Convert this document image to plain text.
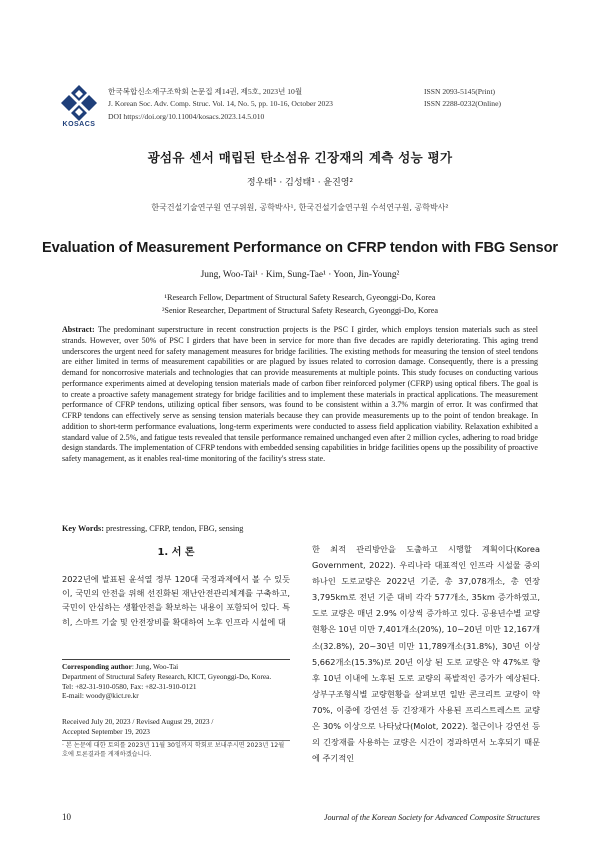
KOSACS
한국복합신소재구조학회 논문집 제14권, 제5호, 2023년 10월
J. Korean Soc. Adv. Comp. Struc. Vol. 14, No. 5, pp. 10-16, October 2023
DOI https://doi.org/10.11004/kosacs.2023.14.5.010
ISSN 2093-5145(Print)
ISSN 2288-0232(Online)
광섬유 센서 매립된 탄소섬유 긴장재의 계측 성능 평가
정우태¹ · 김성태¹ · 윤진영²
한국건설기술연구원 연구위원, 공학박사¹, 한국건설기술연구원 수석연구원, 공학박사²
Evaluation of Measurement Performance on CFRP tendon with FBG Sensor
Jung, Woo-Tai¹ · Kim, Sung-Tae¹ · Yoon, Jin-Young²
¹Research Fellow, Department of Structural Safety Research, Gyeonggi-Do, Korea
²Senior Researcher, Department of Structural Safety Research, Gyeonggi-Do, Korea
Abstract: The predominant superstructure in recent construction projects is the PSC I girder, which employs tension materials such as steel strands. However, over 50% of PSC I girders that have been in service for more than five decades are rapidly deteriorating. This aging trend underscores the urgent need for safety management measures for bridge facilities. The existing methods for measuring the tension of steel tendons are either limited in terms of measurement capabilities or are plagued by issues related to corrosion damage. Consequently, there is a pressing demand for noncorrosive materials and technologies that can provide measurements at multiple points. This study focuses on conducting various performance experiments aimed at developing tension materials made of carbon fiber reinforced polymer (CFRP) using optical fibers. The goal is to create a proactive safety management strategy for bridge facilities and to implement these materials in practical applications. The measurement performance of CFRP tendons, utilizing optical fiber sensors, was found to be consistent within a 3.7% margin of error. It was confirmed that CFRP tendons can effectively serve as sensing tension materials because they can provide measurements up to the point of tendon breakage. In addition to short-term performance evaluations, long-term experiments were conducted to assess field application viability. Relaxation exhibited a standard value of 2.5%, and fatigue tests revealed that tensile performance remained unchanged even after 2 million cycles, adhering to road bridge design standards. The implementation of CFRP tendons with embedded sensing capabilities in bridge facilities opens up the possibility of proactive safety management, as it enables real-time monitoring of the facility's stress state.
Key Words: prestressing, CFRP, tendon, FBG, sensing
1. 서 론
2022년에 발표된 윤석열 정부 120대 국정과제에서 볼 수 있듯이, 국민의 안전을 위해 선진화된 재난안전관리체계를 구축하고, 국민이 안심하는 생활안전을 확보하는 내용이 포함되어 있다. 특히, 스마트 기술 및 안전장비를 확대하여 노후 인프라 시설에 대
한 최적 관리방안을 도출하고 시행할 계획이다(Korea Government, 2022). 우리나라 대표적인 인프라 시설물 중의 하나인 도로교량은 2022년 기준, 총 37,078개소, 총 연장 3,795km로 전년 기준 대비 각각 577개소, 35km 증가하였고, 도로 교량은 매년 2.9% 이상씩 증가하고 있다. 공용년수별 교량 현황은 10년 미만 7,401개소(20%), 10~20년 미만 12,167개소(32.8%), 20~30년 미만 11,789개소(31.8%), 30년 이상 5,662개소(15.3%)로 20년 이상 된 도로 교량은 약 47%로 향후 10년 이내에 노후된 도로 교량의 폭발적인 증가가 예상된다. 상부구조형식별 교량현황을 살펴보면 일반 콘크리트 교량이 약 70%, 이중에 강연선 등 긴장재가 사용된 프리스트레스트 교량은 30% 이상으로 나타났다(Molot, 2022). 철근이나 강연선 등의 긴장재를 사용하는 교량은 시간이 경과하면서 노후되기 때문에 주기적인
Corresponding author: Jung, Woo-Tai
Department of Structural Safety Research, KICT, Gyeonggi-Do, Korea.
Tel: +82-31-910-0580, Fax: +82-31-910-0121
E-mail: woody@kict.re.kr
Received July 20, 2023 / Revised August 29, 2023 /
Accepted September 19, 2023
· 본 논문에 대한 토의를 2023년 11월 30일까지 학회로 보내주시면 2023년 12월호에 토론결과를 게재하겠습니다.
10	Journal of the Korean Society for Advanced Composite Structures
